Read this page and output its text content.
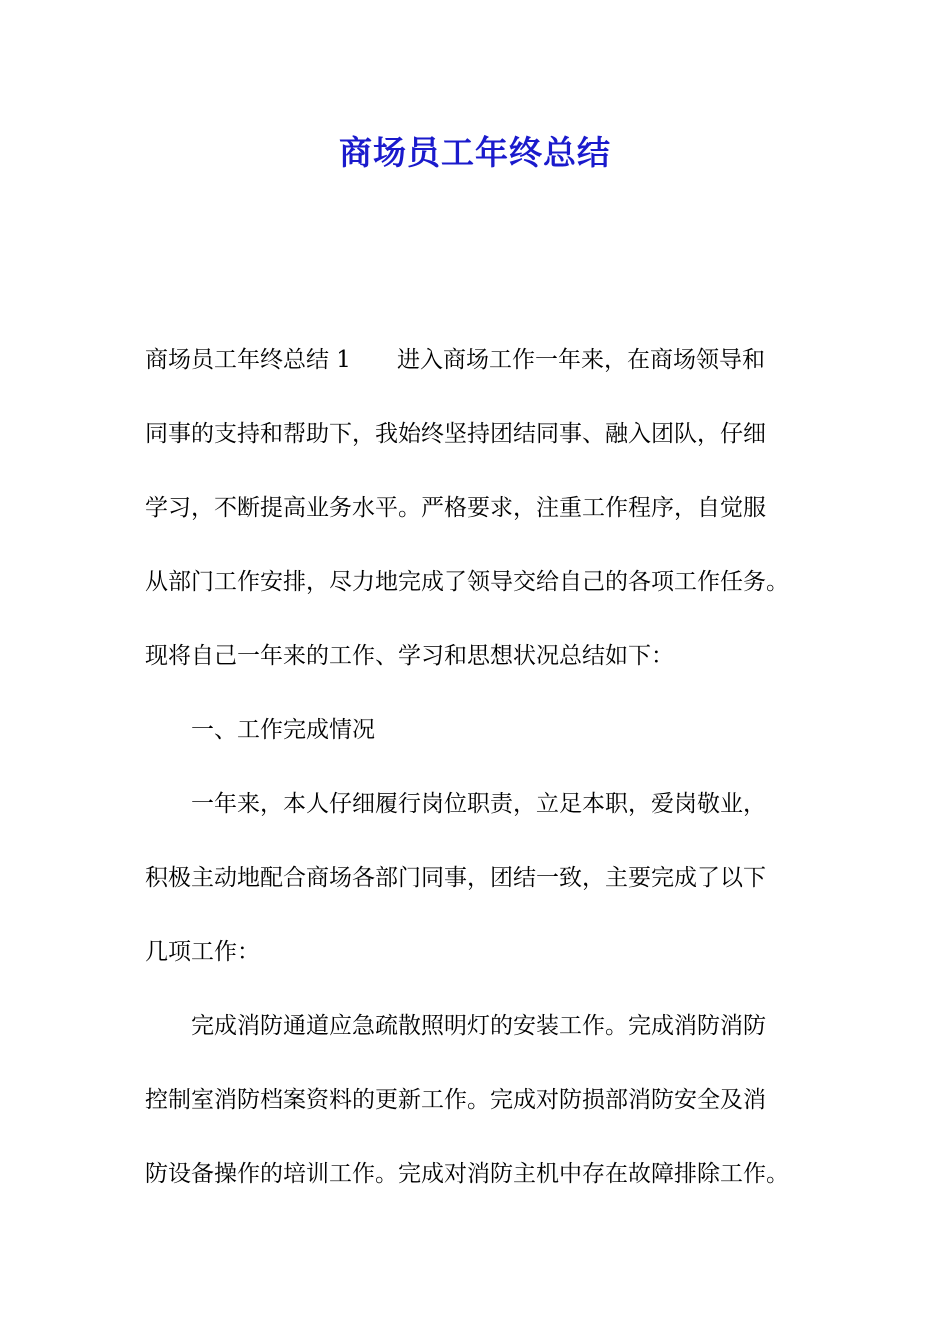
商场员工年终总结

商场员工年终总结 1　　进入商场工作一年来，在商场领导和

同事的支持和帮助下，我始终坚持团结同事、融入团队，仔细

学习，不断提高业务水平。严格要求，注重工作程序，自觉服

从部门工作安排，尽力地完成了领导交给自己的各项工作任务。

现将自己一年来的工作、学习和思想状况总结如下：

　　一、工作完成情况

　　一年来，本人仔细履行岗位职责，立足本职，爱岗敬业，

积极主动地配合商场各部门同事，团结一致，主要完成了以下

几项工作：

　　完成消防通道应急疏散照明灯的安装工作。完成消防消防

控制室消防档案资料的更新工作。完成对防损部消防安全及消

防设备操作的培训工作。完成对消防主机中存在故障排除工作。
